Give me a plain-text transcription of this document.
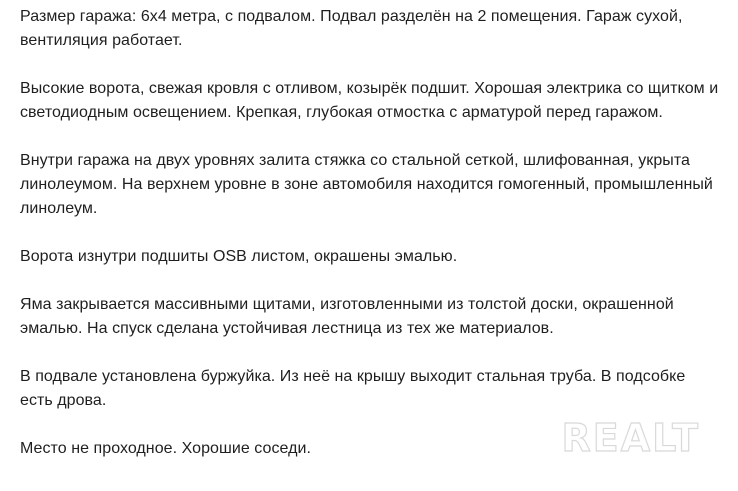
Размер гаража: 6x4 метра, с подвалом. Подвал разделён на 2 помещения. Гараж сухой, вентиляция работает.

Высокие ворота, свежая кровля с отливом, козырёк подшит. Хорошая электрика со щитком и светодиодным освещением. Крепкая, глубокая отмостка с арматурой перед гаражом.

Внутри гаража на двух уровнях залита стяжка со стальной сеткой, шлифованная, укрыта линолеумом. На верхнем уровне в зоне автомобиля находится гомогенный, промышленный линолеум.

Ворота изнутри подшиты OSB листом, окрашены эмалью.

Яма закрывается массивными щитами, изготовленными из толстой доски, окрашенной эмалью. На спуск сделана устойчивая лестница из тех же материалов.

В подвале установлена буржуйка. Из неё на крышу выходит стальная труба. В подсобке есть дрова.

Место не проходное. Хорошие соседи.	REALT
